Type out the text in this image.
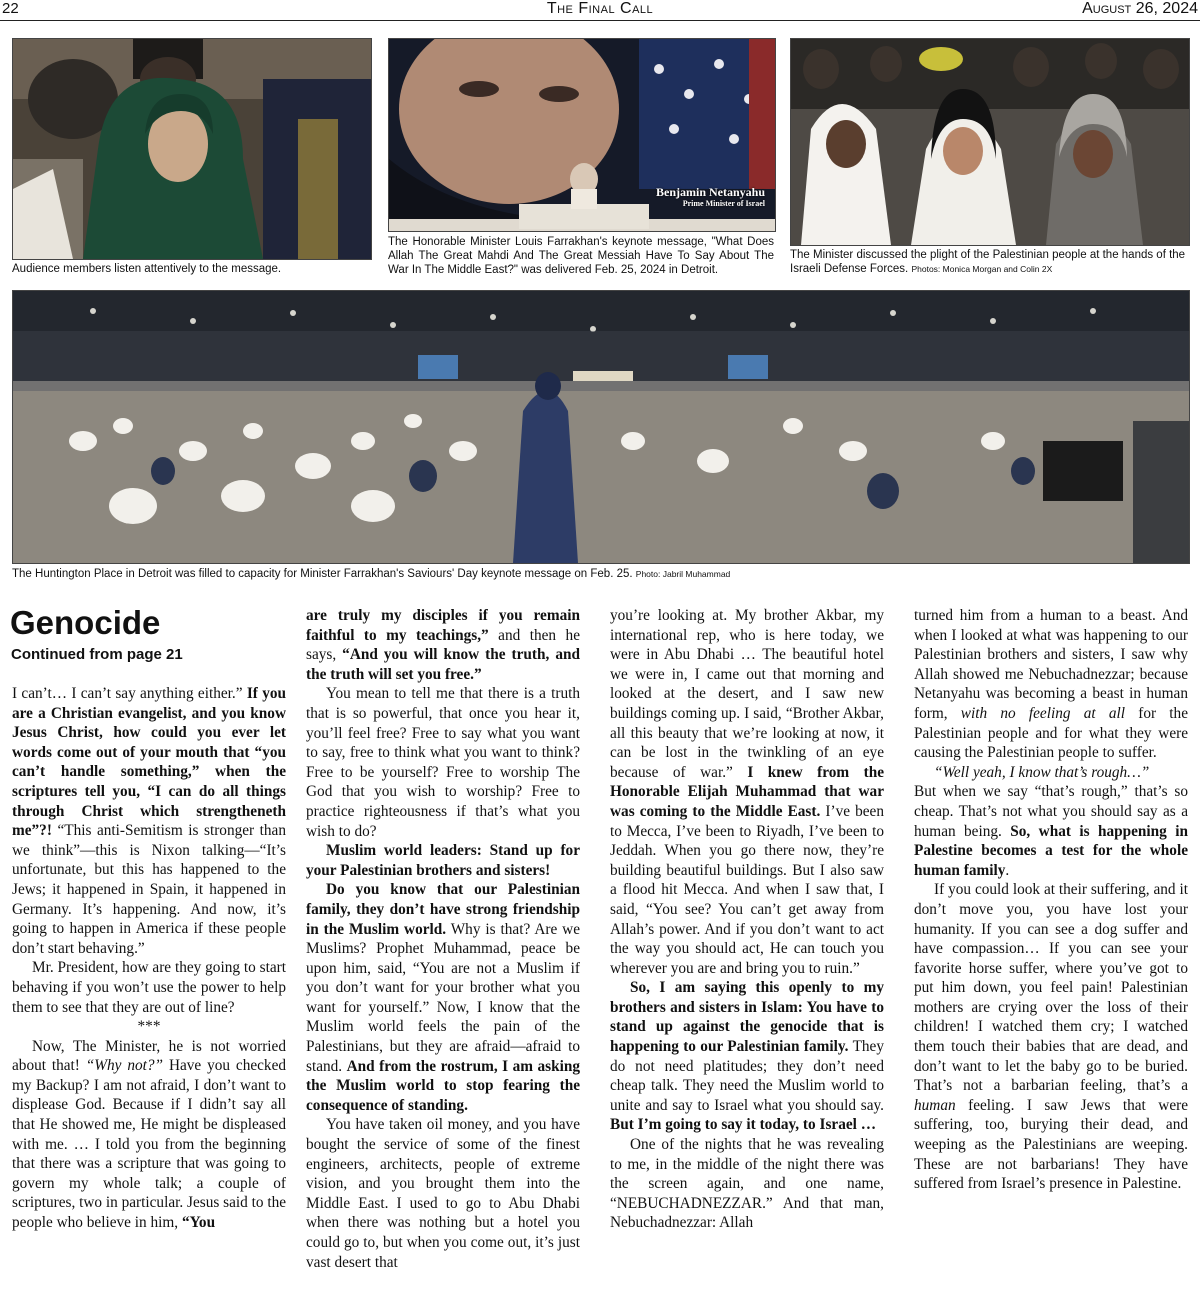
22	The Final Call	August 26, 2024
Audience members listen attentively to the message.
Benjamin Netanyahu
Prime Minister of Israel
The Honorable Minister Louis Farrakhan's keynote message, "What Does Allah The Great Mahdi And The Great Messiah Have To Say About The War In The Middle East?" was delivered Feb. 25, 2024 in Detroit.
The Minister discussed the plight of the Palestinian people at the hands of the Israeli Defense Forces. Photos: Monica Morgan and Colin 2X
The Huntington Place in Detroit was filled to capacity for Minister Farrakhan's Saviours' Day keynote message on Feb. 25. Photo: Jabril Muhammad
Genocide
Continued from page 21

I can’t… I can’t say anything either.” If you are a Christian evangelist, and you know Jesus Christ, how could you ever let words come out of your mouth that “you can’t handle something,” when the scriptures tell you, “I can do all things through Christ which strengtheneth me”?! “This anti-Semitism is stronger than we think”—this is Nixon talking—“It’s unfortunate, but this has happened to the Jews; it happened in Spain, it happened in Germany. It’s happening. And now, it’s going to happen in America if these people don’t start behaving.”

Mr. President, how are they going to start behaving if you won’t use the power to help them to see that they are out of line?

***

Now, The Minister, he is not worried about that! “Why not?” Have you checked my Backup? I am not afraid, I don’t want to displease God. Because if I didn’t say all that He showed me, He might be displeased with me. … I told you from the beginning that there was a scripture that was going to govern my whole talk; a couple of scriptures, two in particular. Jesus said to the people who believe in him, “You

are truly my disciples if you remain faithful to my teachings,” and then he says, “And you will know the truth, and the truth will set you free.”

You mean to tell me that there is a truth that is so powerful, that once you hear it, you’ll feel free? Free to say what you want to say, free to think what you want to think? Free to be yourself? Free to worship The God that you wish to worship? Free to practice righteousness if that’s what you wish to do?

Muslim world leaders: Stand up for your Palestinian brothers and sisters!

Do you know that our Palestinian family, they don’t have strong friendship in the Muslim world. Why is that? Are we Muslims? Prophet Muhammad, peace be upon him, said, “You are not a Muslim if you don’t want for your brother what you want for yourself.” Now, I know that the Muslim world feels the pain of the Palestinians, but they are afraid—afraid to stand. And from the rostrum, I am asking the Muslim world to stop fearing the consequence of standing.

You have taken oil money, and you have bought the service of some of the finest engineers, architects, people of extreme vision, and you brought them into the Middle East. I used to go to Abu Dhabi when there was nothing but a hotel you could go to, but when you come out, it’s just vast desert that

you’re looking at. My brother Akbar, my international rep, who is here today, we were in Abu Dhabi … The beautiful hotel we were in, I came out that morning and looked at the desert, and I saw new buildings coming up. I said, “Brother Akbar, all this beauty that we’re looking at now, it can be lost in the twinkling of an eye because of war.” I knew from the Honorable Elijah Muhammad that war was coming to the Middle East. I’ve been to Mecca, I’ve been to Riyadh, I’ve been to Jeddah. When you go there now, they’re building beautiful buildings. But I also saw a flood hit Mecca. And when I saw that, I said, “You see? You can’t get away from Allah’s power. And if you don’t want to act the way you should act, He can touch you wherever you are and bring you to ruin.”

So, I am saying this openly to my brothers and sisters in Islam: You have to stand up against the genocide that is happening to our Palestinian family. They do not need platitudes; they don’t need cheap talk. They need the Muslim world to unite and say to Israel what you should say. But I’m going to say it today, to Israel …

One of the nights that he was revealing to me, in the middle of the night there was the screen again, and one name, “NEBUCHADNEZZAR.” And that man, Nebuchadnezzar: Allah

turned him from a human to a beast. And when I looked at what was happening to our Palestinian brothers and sisters, I saw why Allah showed me Nebuchadnezzar; because Netanyahu was becoming a beast in human form, with no feeling at all for the Palestinian people and for what they were causing the Palestinian people to suffer.

“Well yeah, I know that’s rough…”

But when we say “that’s rough,” that’s so cheap. That’s not what you should say as a human being. So, what is happening in Palestine becomes a test for the whole human family.

If you could look at their suffering, and it don’t move you, you have lost your humanity. If you can see a dog suffer and have compassion… If you can see your favorite horse suffer, where you’ve got to put him down, you feel pain! Palestinian mothers are crying over the loss of their children! I watched them cry; I watched them touch their babies that are dead, and don’t want to let the baby go to be buried. That’s not a barbarian feeling, that’s a human feeling. I saw Jews that were suffering, too, burying their dead, and weeping as the Palestinians are weeping. These are not barbarians! They have suffered from Israel’s presence in Palestine.
